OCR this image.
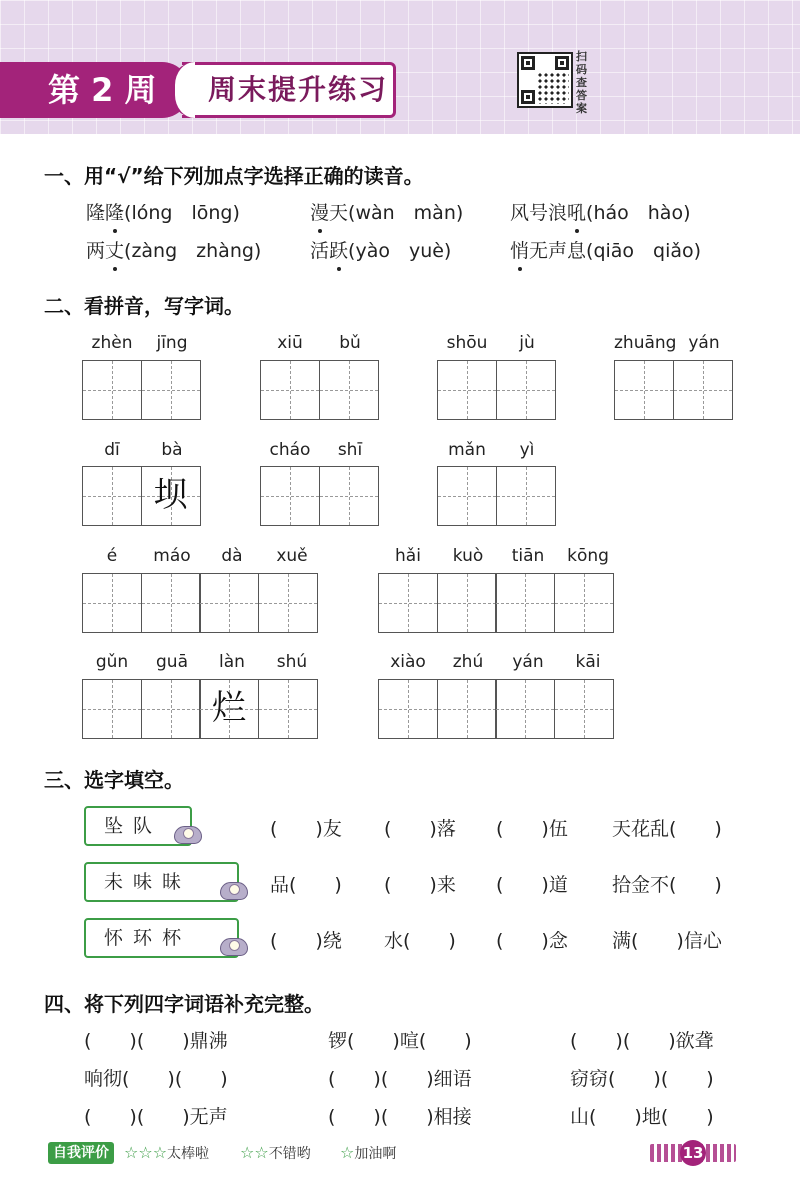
第 2 周	周末提升练习
扫码查答案
一、用“√”给下列加点字选择正确的读音。
隆隆(lóng　lōng)	漫天(wàn　màn) 风号浪吼(háo　hào)
两丈(zàng　zhàng)	活跃(yào　yuè)	悄无声息(qiāo　qiǎo)
二、看拼音，写字词。
zhèn	jīng	xiū	bǔ	shōu	jù	zhuāng yán
dī	bà
坝
cháo	shī	mǎn	yì
é	máo	dà	xuě	hǎi	kuò	tiān	kōng
gǔn	guā	làn	shú
烂
xiào	zhú	yán	kāi
三、选字填空。
坠 队	(　　)友 (　　)落 (　　)伍 天花乱(　　)
未 味 昧	品(　　) (　　)来 (　　)道 拾金不(　　)
怀 环 杯	(　　)绕 水(　　) (　　)念 满(　　)信心
四、将下列四字词语补充完整。
(　　)(　　)鼎沸	锣(　　)喧(　　)	(　　)(　　)欲聋
响彻(　　)(　　)	(　　)(　　)细语	窃窃(　　)(　　)
(　　)(　　)无声	(　　)(　　)相接	山(　　)地(　　)
自我评价 ☆☆☆太棒啦 ☆☆不错哟 ☆加油啊	13
